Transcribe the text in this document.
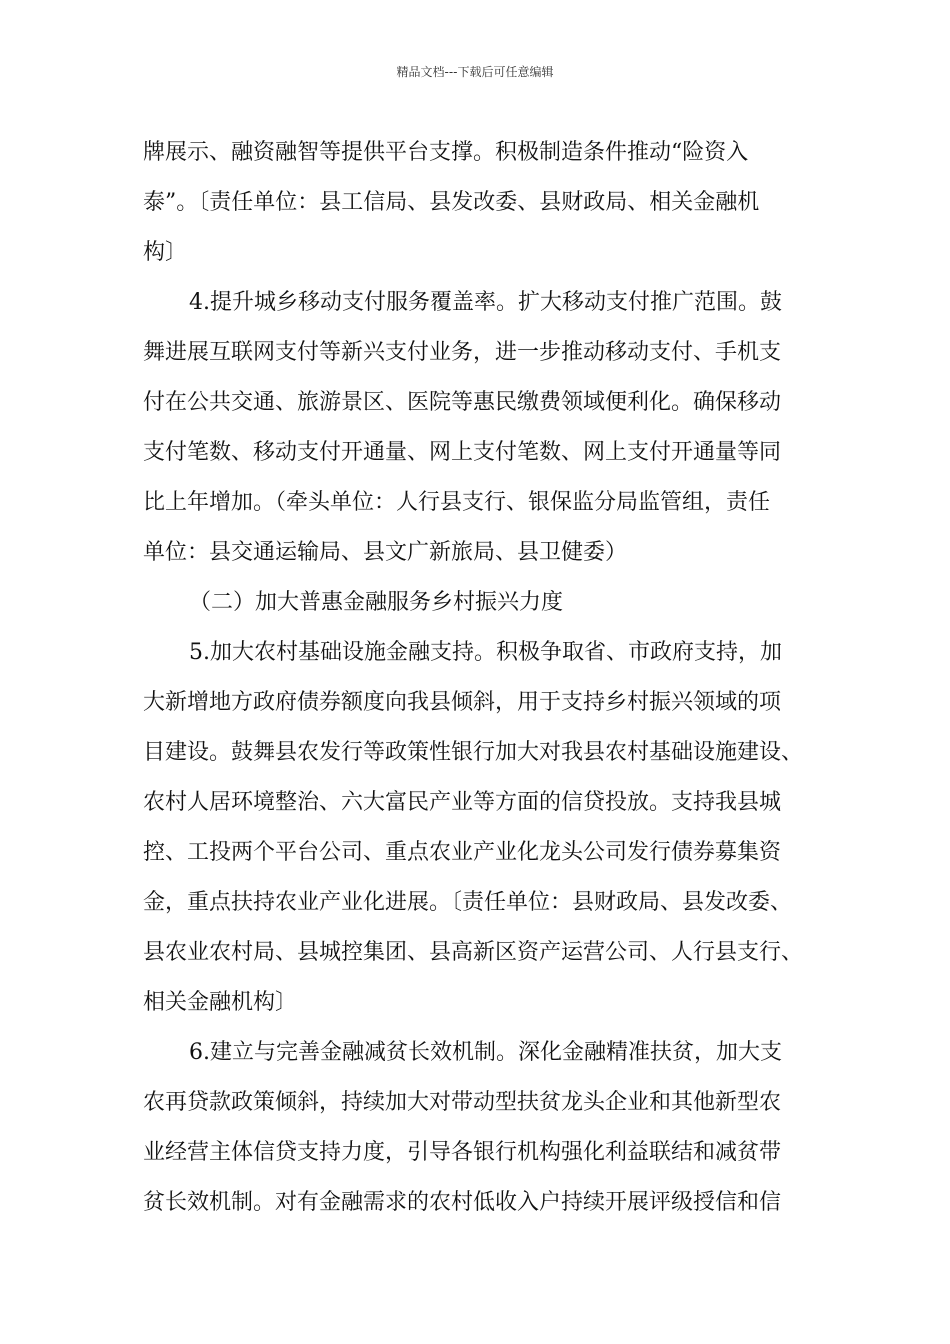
精品文档---下载后可任意编辑
牌展示、融资融智等提供平台支撑。积极制造条件推动“险资入
泰”。〔责任单位：县工信局、县发改委、县财政局、相关金融机
构〕
4.提升城乡移动支付服务覆盖率。扩大移动支付推广范围。鼓
舞进展互联网支付等新兴支付业务，进一步推动移动支付、手机支
付在公共交通、旅游景区、医院等惠民缴费领域便利化。确保移动
支付笔数、移动支付开通量、网上支付笔数、网上支付开通量等同
比上年增加。（牵头单位：人行县支行、银保监分局监管组，责任
单位：县交通运输局、县文广新旅局、县卫健委）
（二）加大普惠金融服务乡村振兴力度
5.加大农村基础设施金融支持。积极争取省、市政府支持，加
大新增地方政府债券额度向我县倾斜，用于支持乡村振兴领域的项
目建设。鼓舞县农发行等政策性银行加大对我县农村基础设施建设、
农村人居环境整治、六大富民产业等方面的信贷投放。支持我县城
控、工投两个平台公司、重点农业产业化龙头公司发行债券募集资
金，重点扶持农业产业化进展。〔责任单位：县财政局、县发改委、
县农业农村局、县城控集团、县高新区资产运营公司、人行县支行、
相关金融机构〕
6.建立与完善金融减贫长效机制。深化金融精准扶贫，加大支
农再贷款政策倾斜，持续加大对带动型扶贫龙头企业和其他新型农
业经营主体信贷支持力度，引导各银行机构强化利益联结和减贫带
贫长效机制。对有金融需求的农村低收入户持续开展评级授信和信
